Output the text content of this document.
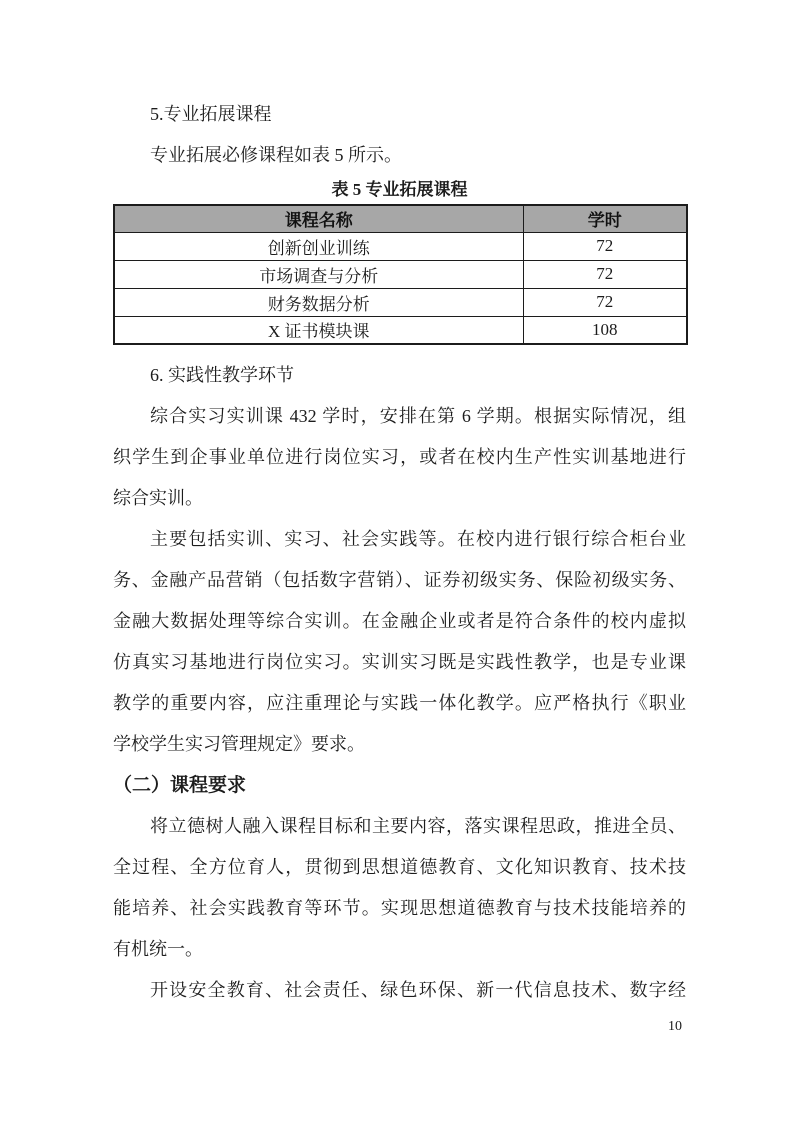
5.专业拓展课程
专业拓展必修课程如表 5 所示。
表 5 专业拓展课程
课程名称	学时
创新创业训练	72
市场调查与分析	72
财务数据分析	72
X 证书模块课	108
6. 实践性教学环节
综合实习实训课 432 学时，安排在第 6 学期。根据实际情况，组
织学生到企事业单位进行岗位实习，或者在校内生产性实训基地进行
综合实训。
主要包括实训、实习、社会实践等。在校内进行银行综合柜台业
务、金融产品营销（包括数字营销）、证券初级实务、保险初级实务、
金融大数据处理等综合实训。在金融企业或者是符合条件的校内虚拟
仿真实习基地进行岗位实习。实训实习既是实践性教学，也是专业课
教学的重要内容，应注重理论与实践一体化教学。应严格执行《职业
学校学生实习管理规定》要求。
（二）课程要求
将立德树人融入课程目标和主要内容，落实课程思政，推进全员、
全过程、全方位育人，贯彻到思想道德教育、文化知识教育、技术技
能培养、社会实践教育等环节。实现思想道德教育与技术技能培养的
有机统一。
开设安全教育、社会责任、绿色环保、新一代信息技术、数字经
10
